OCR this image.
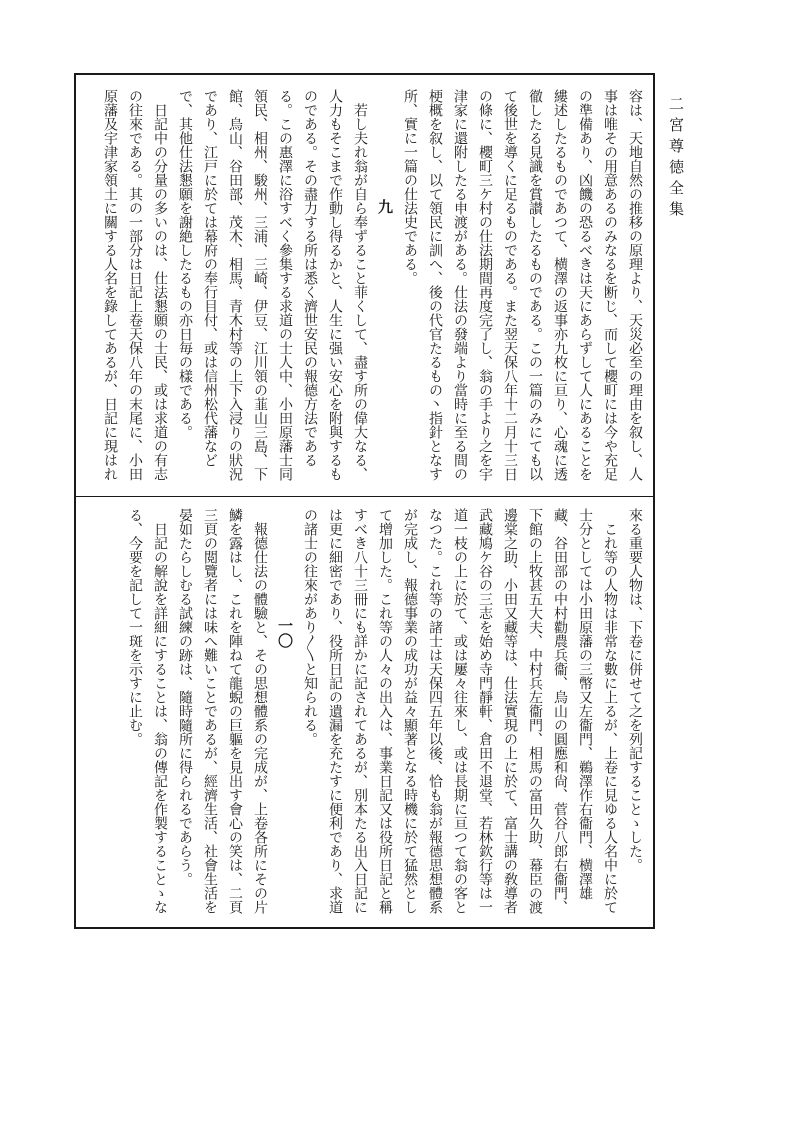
二宮尊徳全集

容は、天地自然の推移の原理より、天災必至の理由を叙し、人事は唯その用意あるのみなるを断じ、而して櫻町には今や充足の準備あり、凶饑の恐るべきは天にあらずして人にあることを縷述したるものであつて、横澤の返事亦九枚に亘り、心魂に透徹したる見識を賞讃したるものである。この一篇のみにても以て後世を導くに足るものである。また翌天保八年十二月十三日の條に、櫻町三ケ村の仕法期間再度完了し、翁の手より之を宇津家に還附したる申渡がある。仕法の發端より當時に至る間の梗概を叙し、以て領民に訓へ、後の代官たるもの丶指針となす所、實に一篇の仕法史である。

九

若し夫れ翁が自ら奉ずること菲くして、盡す所の偉大なる、人力もそこまで作動し得るかと、人生に强い安心を附與するものである。その盡力する所は悉く濟世安民の報德方法であるる。この惠澤に浴すべく參集する求道の士人中、小田原藩士同領民、相州、駿州、三浦、三崎、伊豆、江川領の韮山三島、下館、烏山、谷田部、茂木、相馬、青木村等の上下入浸りの狀況であり、江戸に於ては幕府の奉行目付、或は信州松代藩などで、其他仕法懇願を謝絶したるもの亦日毎の樣である。

日記中の分量の多いのは、仕法懇願の士民、或は求道の有志の往來である。其の一部分は日記上卷天保八年の末尾に、小田原藩及宇津家領土に關する人名を錄してあるが、日記に現はれ

來る重要人物は、下卷に併せて之を列記することゝした。

これ等の人物は非常な數に上るが、上卷に見ゆる人名中に於て士分としては小田原藩の三幣又左衞門、鵜澤作右衞門、横澤雄藏、谷田部の中村勸農兵衞、烏山の圓應和尙、菅谷八郎右衞門、下館の上牧甚五大夫、中村兵左衞門、相馬の富田久助、幕臣の渡邊棠之助、小田又藏等は、仕法實現の上に於て、富士講の敎導者武藏鳩ケ谷の三志を始め寺門靜軒、倉田不退堂、若林欽行等は一道一枝の上に於て、或は屢々往來し、或は長期に亘つて翁の客となつた。これ等の諸士は天保四五年以後、恰も翁が報德思想體系が完成し、報德事業の成功が益々顯著となる時機に於て猛然として增加した。これ等の人々の出入は、事業日記又は役所日記と稱すべき八十三冊にも詳かに記されてあるが、別本たる出入日記には更に細密であり、役所日記の遺漏を充たすに便利であり、求道の諸士の往來があり〳〵と知られる。

一〇

報德仕法の體驗と、その思想體系の完成が、上卷各所にその片鱗を露はし、これを陣ねて龍蜺の巨軀を見出す會心の笑は、二頁三頁の閲覽者には味へ難いことであるが、經濟生活、社會生活を晏如たらしむる試練の跡は、隨時隨所に得られるであらう。

日記の解說を詳細にすることは、翁の傳記を作製することゝなる、今要を記して一斑を示すに止む。
